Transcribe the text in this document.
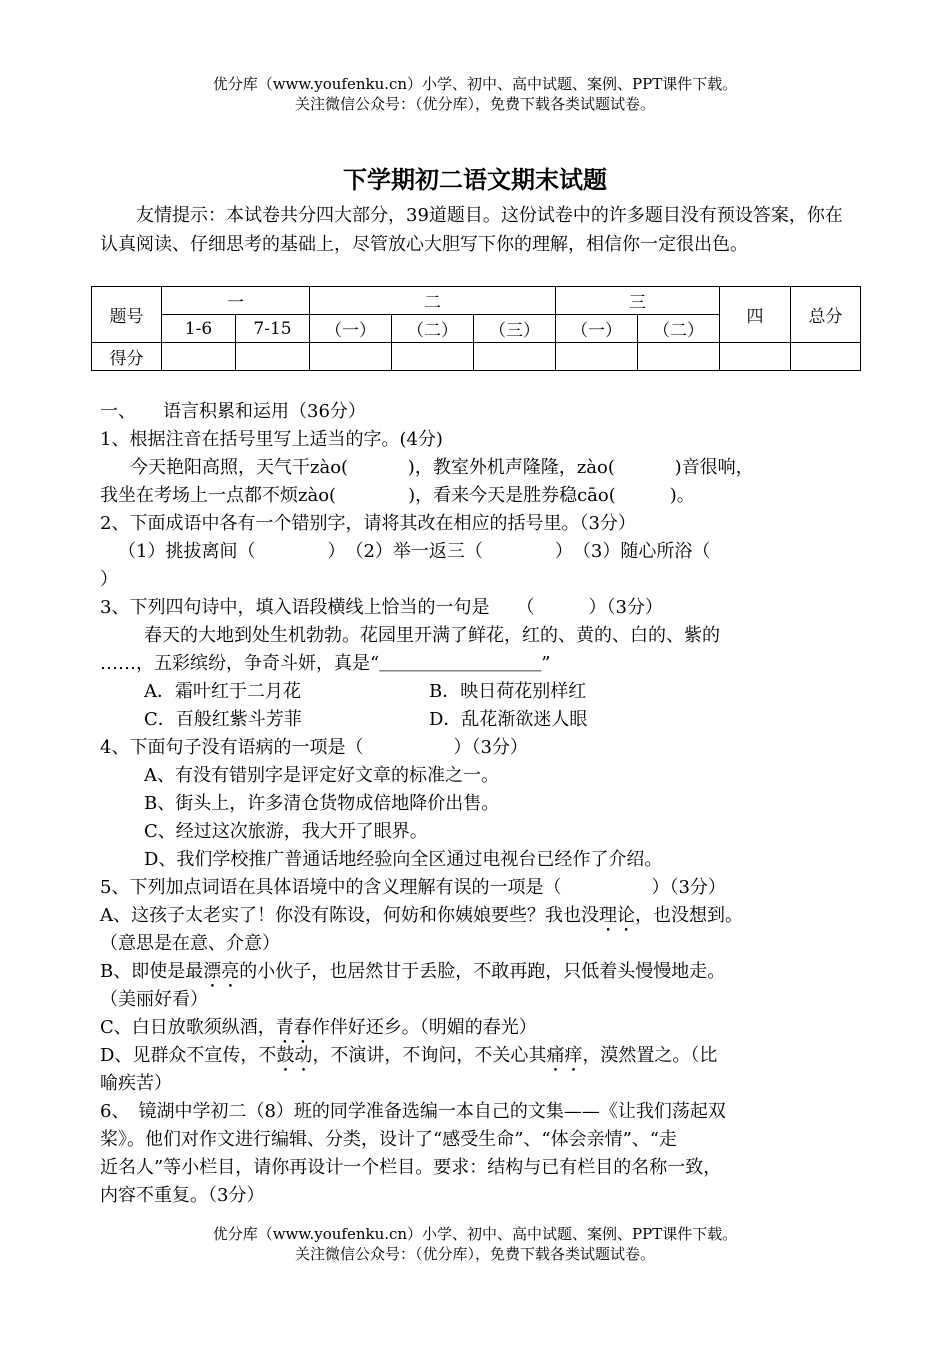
优分库（www.youfenku.cn）小学、初中、高中试题、案例、PPT课件下载。
关注微信公众号：（优分库），免费下载各类试题试卷。
下学期初二语文期末试题
友情提示：本试卷共分四大部分，39道题目。这份试卷中的许多题目没有预设答案，你在认真阅读、仔细思考的基础上，尽管放心大胆写下你的理解，相信你一定很出色。
题号	一		二			三		四	总分
	1-6	7-15	（一）	（二）	（三）	（一）	（二）		
得分									
一、　　语言积累和运用（36分）
1、根据注音在括号里写上适当的字。(4分)
今天艳阳高照，天气干zào(　　　 )，教室外机声隆隆，zào(　　　 )音很响，
我坐在考场上一点都不烦zào(　　　　)，看来今天是胜券稳cāo(　　　)。
2、下面成语中各有一个错别字，请将其改在相应的括号里。（3分）
（1）挑拔离间（　　　　）　（2）举一返三（　　　　）　（3）随心所浴（
）
3、下列四句诗中，填入语段横线上恰当的一句是　　（　　　）（3分）
春天的大地到处生机勃勃。花园里开满了鲜花，红的、黄的、白的、紫的
……，五彩缤纷，争奇斗妍，真是“＿＿＿＿＿＿＿＿＿”
A．霜叶红于二月花	B．映日荷花别样红
C．百般红紫斗芳菲	D．乱花渐欲迷人眼
4、下面句子没有语病的一项是（　　　　　）（3分）
A、有没有错别字是评定好文章的标准之一。
B、街头上，许多清仓货物成倍地降价出售。
C、经过这次旅游，我大开了眼界。
D、我们学校推广普通话地经验向全区通过电视台已经作了介绍。
5、下列加点词语在具体语境中的含义理解有误的一项是（　　　　　）（3分）
A、这孩子太老实了！你没有陈设，何妨和你姨娘要些？我也没理论，也没想到。
（意思是在意、介意）
B、即使是最漂亮的小伙子，也居然甘于丢脸，不敢再跑，只低着头慢慢地走。
（美丽好看）
C、白日放歌须纵酒，青春作伴好还乡。（明媚的春光）
D、见群众不宣传，不鼓动，不演讲，不询问，不关心其痛痒，漠然置之。（比
喻疾苦）
6、　镜湖中学初二（8）班的同学准备选编一本自己的文集——《让我们荡起双
桨》。他们对作文进行编辑、分类，设计了“感受生命”、“体会亲情”、“走
近名人”等小栏目，请你再设计一个栏目。要求：结构与已有栏目的名称一致，
内容不重复。（3分）
优分库（www.youfenku.cn）小学、初中、高中试题、案例、PPT课件下载。
关注微信公众号：（优分库），免费下载各类试题试卷。
